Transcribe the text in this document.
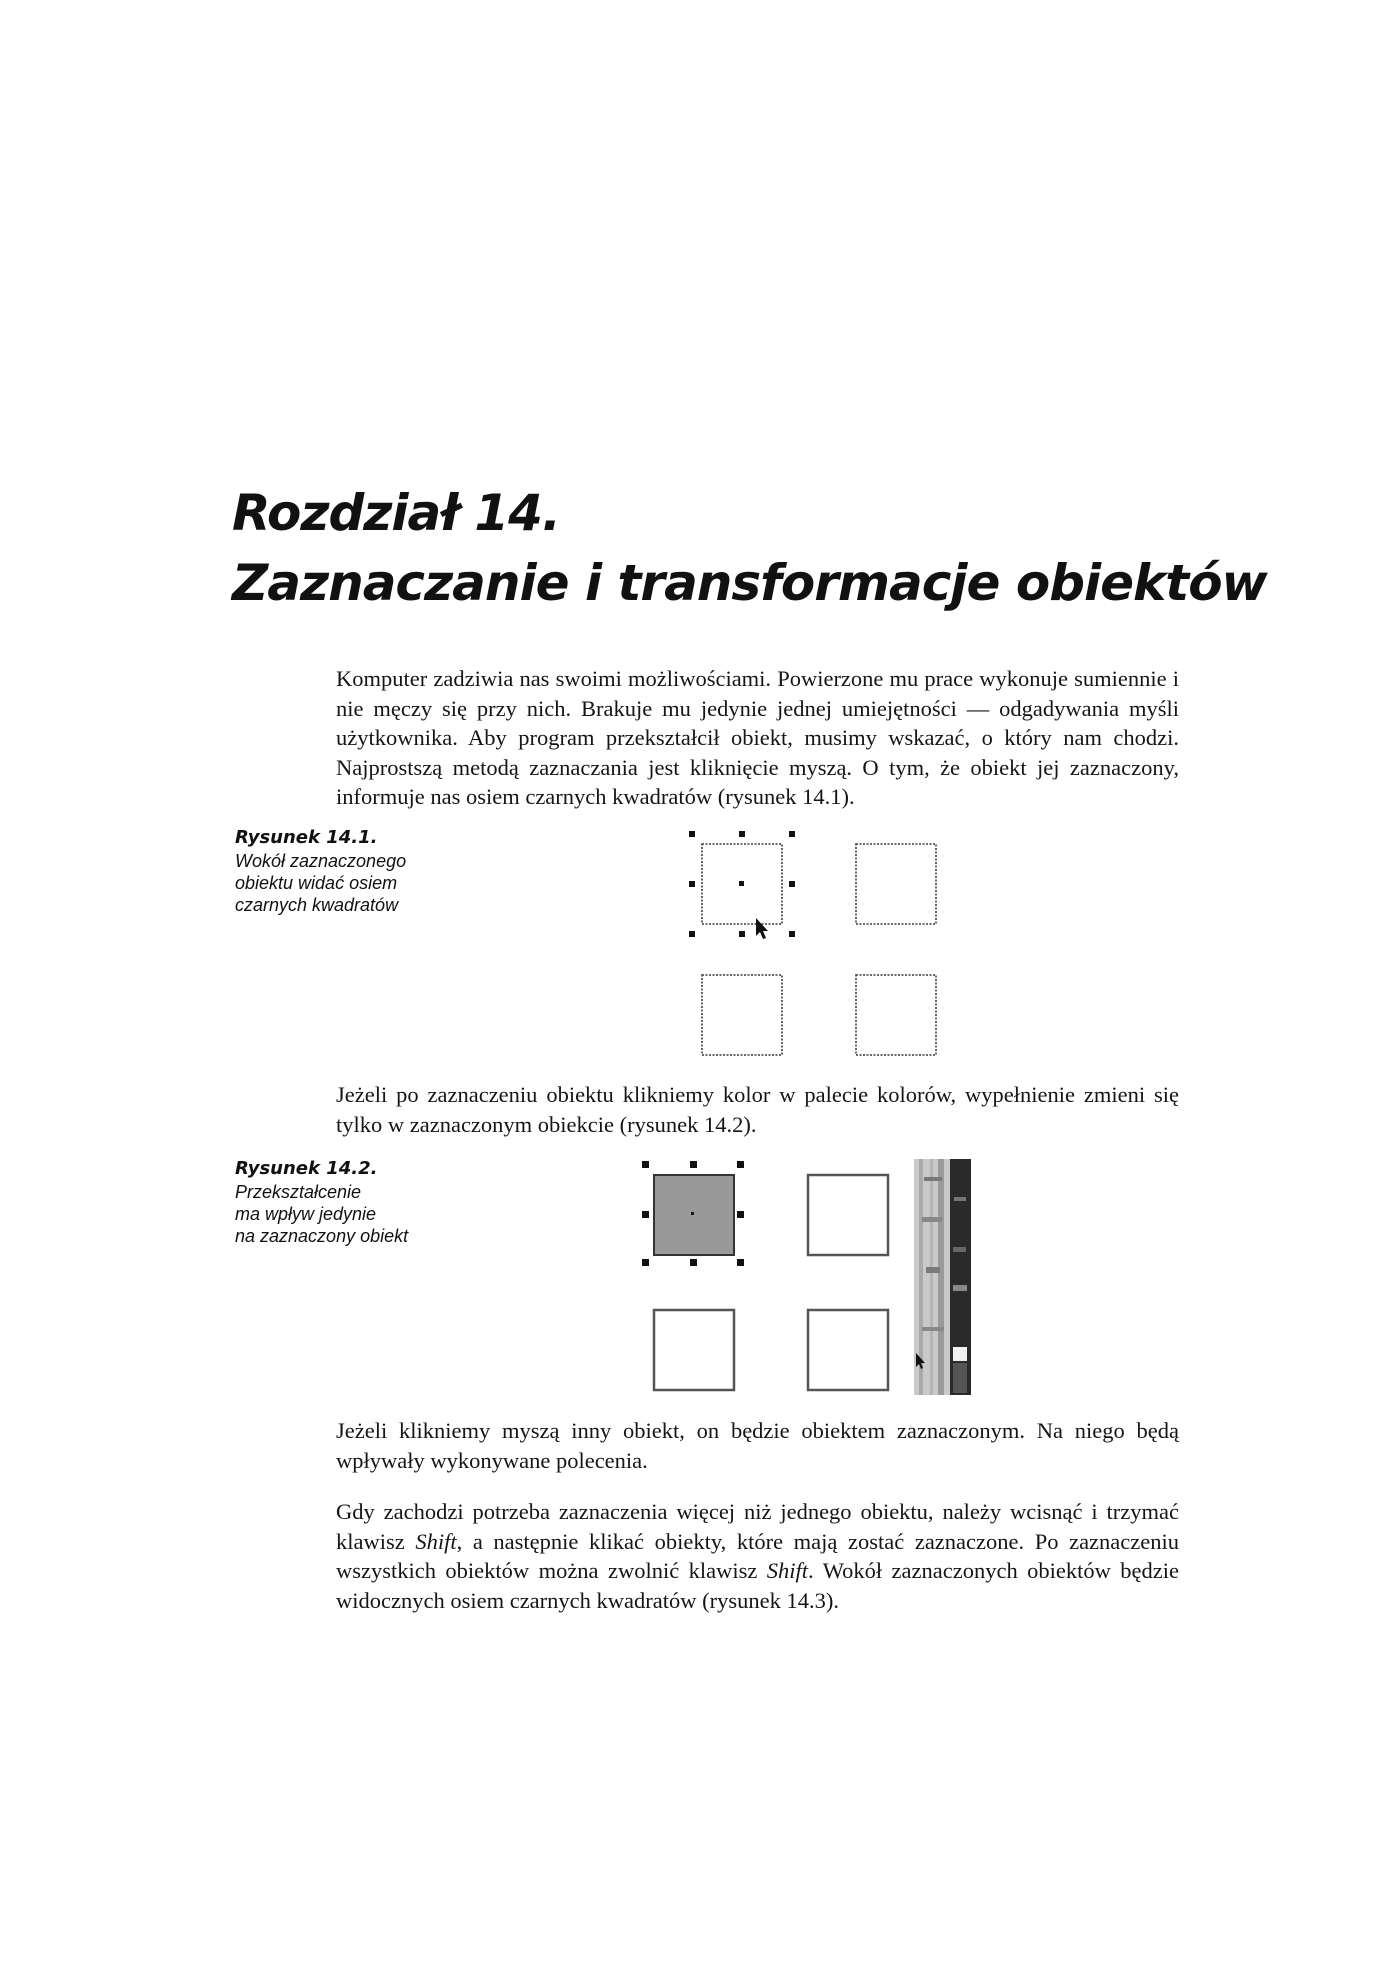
Rozdział 14.
Zaznaczanie i transformacje obiektów

Komputer zadziwia nas swoimi możliwościami. Powierzone mu prace wykonuje sumiennie i nie męczy się przy nich. Brakuje mu jedynie jednej umiejętności — odgadywania myśli użytkownika. Aby program przekształcił obiekt, musimy wskazać, o który nam chodzi. Najprostszą metodą zaznaczania jest kliknięcie myszą. O tym, że obiekt jej zaznaczony, informuje nas osiem czarnych kwadratów (rysunek 14.1).

Rysunek 14.1.
Wokół zaznaczonego
obiektu widać osiem
czarnych kwadratów

Jeżeli po zaznaczeniu obiektu klikniemy kolor w palecie kolorów, wypełnienie zmieni się tylko w zaznaczonym obiekcie (rysunek 14.2).

Rysunek 14.2.
Przekształcenie
ma wpływ jedynie
na zaznaczony obiekt

Jeżeli klikniemy myszą inny obiekt, on będzie obiektem zaznaczonym. Na niego będą wpływały wykonywane polecenia.

Gdy zachodzi potrzeba zaznaczenia więcej niż jednego obiektu, należy wcisnąć i trzymać klawisz Shift, a następnie klikać obiekty, które mają zostać zaznaczone. Po zaznaczeniu wszystkich obiektów można zwolnić klawisz Shift. Wokół zaznaczonych obiektów będzie widocznych osiem czarnych kwadratów (rysunek 14.3).
